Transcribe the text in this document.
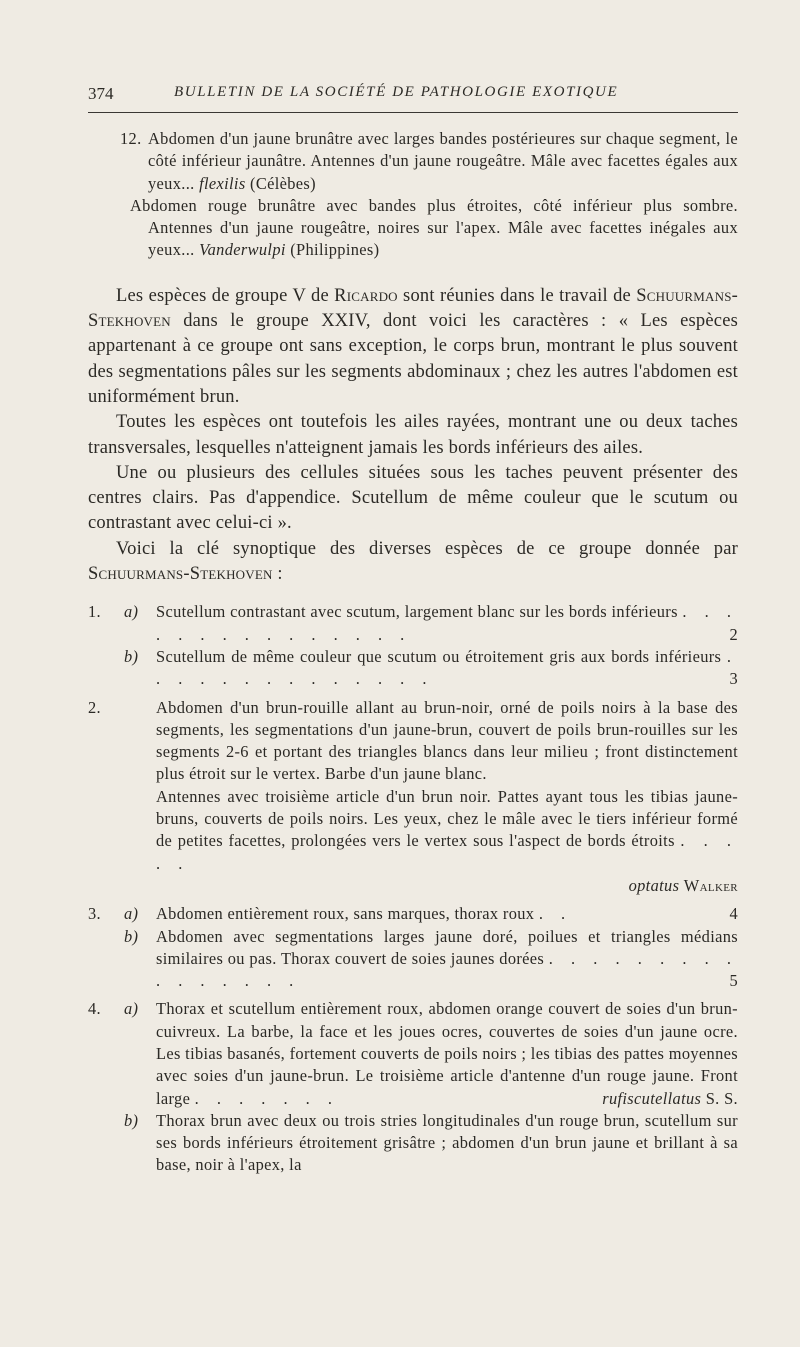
374	BULLETIN DE LA SOCIÉTÉ DE PATHOLOGIE EXOTIQUE

12. Abdomen d'un jaune brunâtre avec larges bandes postérieures sur chaque segment, le côté inférieur jaunâtre. Antennes d'un jaune rougeâtre. Mâle avec facettes égales aux yeux... flexilis (Célèbes)

Abdomen rouge brunâtre avec bandes plus étroites, côté inférieur plus sombre. Antennes d'un jaune rougeâtre, noires sur l'apex. Mâle avec facettes inégales aux yeux... Vanderwulpi (Philippines)

Les espèces de groupe V de Ricardo sont réunies dans le travail de Schuurmans-Stekhoven dans le groupe XXIV, dont voici les caractères : « Les espèces appartenant à ce groupe ont sans exception, le corps brun, montrant le plus souvent des segmentations pâles sur les segments abdominaux ; chez les autres l'abdomen est uniformément brun.

Toutes les espèces ont toutefois les ailes rayées, montrant une ou deux taches transversales, lesquelles n'atteignent jamais les bords inférieurs des ailes.

Une ou plusieurs des cellules situées sous les taches peuvent présenter des centres clairs. Pas d'appendice. Scutellum de même couleur que le scutum ou contrastant avec celui-ci ».

Voici la clé synoptique des diverses espèces de ce groupe donnée par Schuurmans-Stekhoven :

1. a) Scutellum contrastant avec scutum, largement blanc sur les bords inférieurs . . . . . . . . . . . . . . .	2

b) Scutellum de même couleur que scutum ou étroitement gris aux bords inférieurs . . . . . . . . . . . . . .	3

2.	Abdomen d'un brun-rouille allant au brun-noir, orné de poils noirs à la base des segments, les segmentations d'un jaune-brun, couvert de poils brun-rouilles sur les segments 2-6 et portant des triangles blancs dans leur milieu ; front distinctement plus étroit sur le vertex. Barbe d'un jaune blanc.

Antennes avec troisième article d'un brun noir. Pattes ayant tous les tibias jaune-bruns, couverts de poils noirs. Les yeux, chez le mâle avec le tiers inférieur formé de petites facettes, prolongées vers le vertex sous l'aspect de bords étroits . . . . .

optatus Walker

3. a) Abdomen entièrement roux, sans marques, thorax roux . .	4

b) Abdomen avec segmentations larges jaune doré, poilues et triangles médians similaires ou pas. Thorax couvert de soies jaunes dorées . . . . . . . . . . . . . . . .	5

4. a) Thorax et scutellum entièrement roux, abdomen orange couvert de soies d'un brun-cuivreux. La barbe, la face et les joues ocres, couvertes de soies d'un jaune ocre. Les tibias basanés, fortement couverts de poils noirs ; les tibias des pattes moyennes avec soies d'un jaune-brun. Le troisième article d'antenne d'un rouge jaune. Front large . . . . . . .	rufiscutellatus S. S.

b) Thorax brun avec deux ou trois stries longitudinales d'un rouge brun, scutellum sur ses bords inférieurs étroitement grisâtre ; abdomen d'un brun jaune et brillant à sa base, noir à l'apex, la
